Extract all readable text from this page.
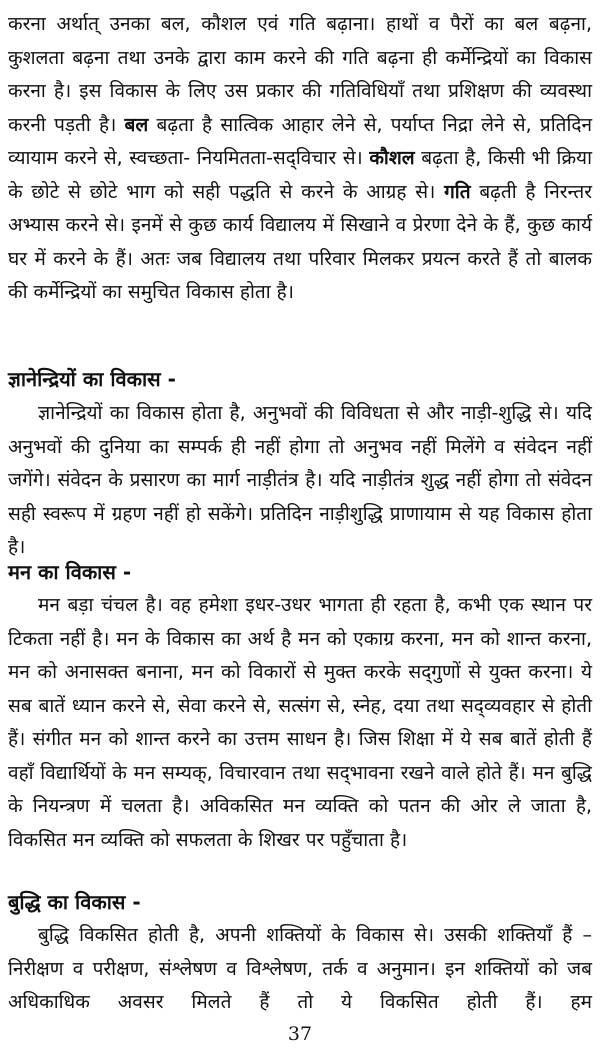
करना अर्थात् उनका बल, कौशल एवं गति बढ़ाना। हाथों व पैरों का बल बढ़ना, कुशलता बढ़ना तथा उनके द्वारा काम करने की गति बढ़ना ही कर्मेन्द्रियों का विकास करना है। इस विकास के लिए उस प्रकार की गतिविधियाँ तथा प्रशिक्षण की व्यवस्था करनी पड़ती है। बल बढ़ता है सात्विक आहार लेने से, पर्याप्त निद्रा लेने से, प्रतिदिन व्यायाम करने से, स्वच्छता- नियमितता-सद्‌विचार से। कौशल बढ़ता है, किसी भी क्रिया के छोटे से छोटे भाग को सही पद्धति से करने के आग्रह से। गति बढ़ती है निरन्तर अभ्यास करने से। इनमें से कुछ कार्य विद्यालय में सिखाने व प्रेरणा देने के हैं, कुछ कार्य घर में करने के हैं। अतः जब विद्यालय तथा परिवार मिलकर प्रयत्न करते हैं तो बालक की कर्मेन्द्रियों का समुचित विकास होता है।

ज्ञानेन्द्रियों का विकास -

ज्ञानेन्द्रियों का विकास होता है, अनुभवों की विविधता से और नाड़ी-शुद्धि से। यदि अनुभवों की दुनिया का सम्पर्क ही नहीं होगा तो अनुभव नहीं मिलेंगे व संवेदन नहीं जगेंगे। संवेदन के प्रसारण का मार्ग नाड़ीतंत्र है। यदि नाड़ीतंत्र शुद्ध नहीं होगा तो संवेदन सही स्वरूप में ग्रहण नहीं हो सकेंगे। प्रतिदिन नाड़ीशुद्धि प्राणायाम से यह विकास होता है।

मन का विकास -

मन बड़ा चंचल है। वह हमेशा इधर-उधर भागता ही रहता है, कभी एक स्थान पर टिकता नहीं है। मन के विकास का अर्थ है मन को एकाग्र करना, मन को शान्त करना, मन को अनासक्त बनाना, मन को विकारों से मुक्त करके सद्‌गुणों से युक्त करना। ये सब बातें ध्यान करने से, सेवा करने से, सत्संग से, स्नेह, दया तथा सद्‌व्यवहार से होती हैं। संगीत मन को शान्त करने का उत्तम साधन है। जिस शिक्षा में ये सब बातें होती हैं वहाँ विद्यार्थियों के मन सम्यक्, विचारवान तथा सद्‌भावना रखने वाले होते हैं। मन बुद्धि के नियन्त्रण में चलता है। अविकसित मन व्यक्ति को पतन की ओर ले जाता है, विकसित मन व्यक्ति को सफलता के शिखर पर पहुँचाता है।

बुद्धि का विकास -

बुद्धि विकसित होती है, अपनी शक्तियों के विकास से। उसकी शक्तियाँ हैं – निरीक्षण व परीक्षण, संश्लेषण व विश्लेषण, तर्क व अनुमान। इन शक्तियों को जब अधिकाधिक अवसर मिलते हैं तो ये विकसित होती हैं। हम

37
